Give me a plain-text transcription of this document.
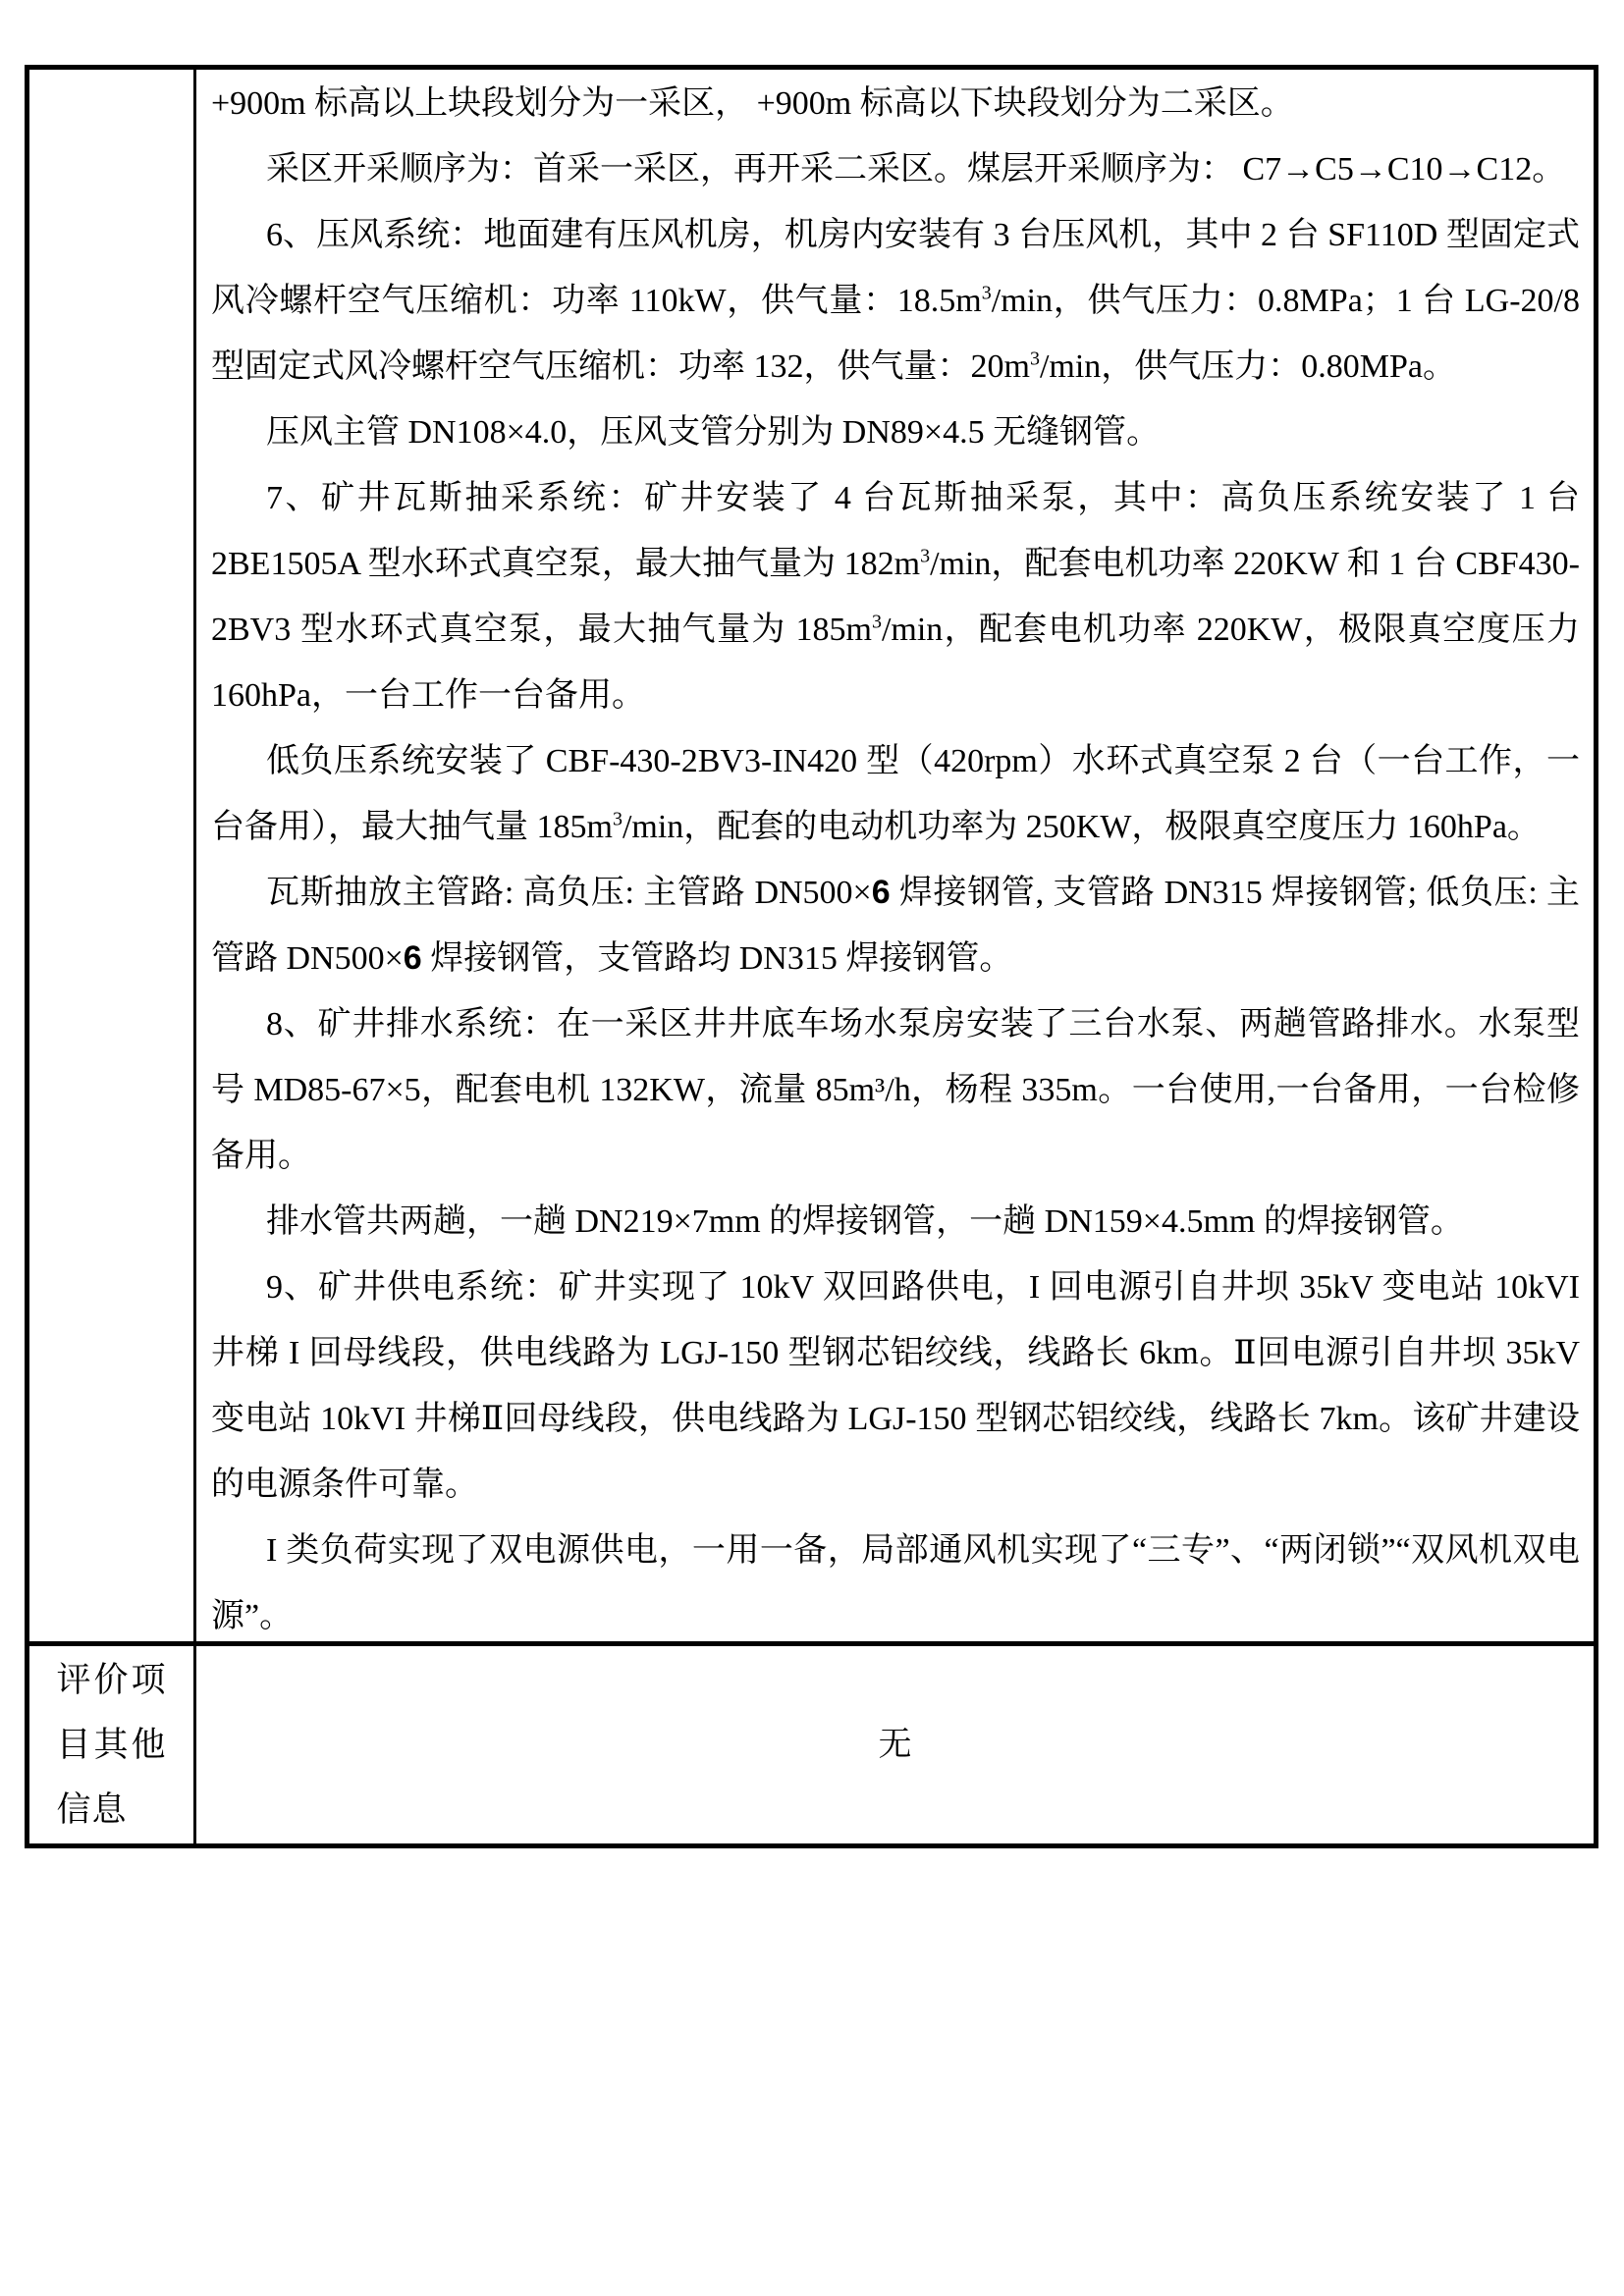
+900m 标高以上块段划分为一采区， +900m 标高以下块段划分为二采区。

采区开采顺序为：首采一采区，再开采二采区。煤层开采顺序为： C7→C5→C10→C12。

6、压风系统：地面建有压风机房，机房内安装有 3 台压风机，其中 2 台 SF110D 型固定式风冷螺杆空气压缩机：功率 110kW，供气量：$18.5m^3/\min$，供气压力：0.8MPa；1 台 LG-20/8 型固定式风冷螺杆空气压缩机：功率 132，供气量：$20m^3/\min$，供气压力：0.80MPa。

压风主管 DN108×4.0，压风支管分别为 DN89×4.5 无缝钢管。

7、矿井瓦斯抽采系统：矿井安装了 4 台瓦斯抽采泵，其中：高负压系统安装了 1 台 2BE1505A 型水环式真空泵，最大抽气量为 $182m^3/\min$，配套电机功率 220KW 和 1 台 CBF430-2BV3 型水环式真空泵，最大抽气量为 $185m^3/\min$，配套电机功率 220KW，极限真空度压力 160hPa，一台工作一台备用。

低负压系统安装了 CBF-430-2BV3-IN420 型（420rpm）水环式真空泵 2 台（一台工作，一台备用），最大抽气量 $185m^3/\min$，配套的电动机功率为 250KW，极限真空度压力 160hPa。

瓦斯抽放主管路: 高负压: 主管路 DN500×6 焊接钢管, 支管路 DN315 焊接钢管; 低负压: 主管路 DN500×6 焊接钢管，支管路均 DN315 焊接钢管。

8、矿井排水系统：在一采区井井底车场水泵房安装了三台水泵、两趟管路排水。水泵型号 MD85-67×5，配套电机 132KW，流量 85m³/h，杨程 335m。一台使用,一台备用，一台检修备用。

排水管共两趟，一趟 DN219×7mm 的焊接钢管，一趟 DN159×4.5mm 的焊接钢管。

9、矿井供电系统：矿井实现了 10kV 双回路供电，I 回电源引自井坝 35kV 变电站 10kVI 井梯 I 回母线段，供电线路为 LGJ-150 型钢芯铝绞线，线路长 6km。Ⅱ回电源引自井坝 35kV 变电站 10kVI 井梯Ⅱ回母线段，供电线路为 LGJ-150 型钢芯铝绞线，线路长 7km。该矿井建设的电源条件可靠。

I 类负荷实现了双电源供电，一用一备，局部通风机实现了“三专”、“两闭锁”“双风机双电源”。

评价项目其他信息
无
